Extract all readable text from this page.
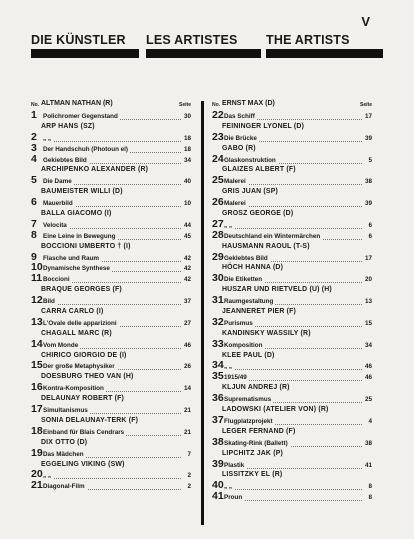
V
DIE KÜNSTLER LES ARTISTES THE ARTISTS
No. ALTMAN NATHAN (R)	Seite
1 Polichromer Gegenstand	30
ARP HANS (SZ)
2 „ „	18
3 Der Handschuh (Photoun el)	18
4 Gekiebtes Bild	34
ARCHIPENKO ALEXANDER (R)
5 Die Dame	40
BAUMEISTER WILLI (D)
6 Mauerbild	10
BALLA GIACOMO (I)
7 Velocita	44
8 Eine Leine in Bewegung	45
BOCCIONI UMBERTO † (I)
9 Flasche und Raum	42
10 Dynamische Synthese	42
11 Boccioni	42
BRAQUE GEORGES (F)
12 Bild	37
CARRA CARLO (I)
13 L'Ovale delle apparizioni	27
CHAGALL MARC (R)
14 Vom Monde	46
CHIRICO GIORGIO DE (I)
15 Der große Metaphysiker	26
DOESBURG THEO VAN (H)
16 Kontra-Komposition	14
DELAUNAY ROBERT (F)
17 Simultanismus	21
SONIA DELAUNAY-TERK (F)
18 Einband für Blais Cendrars	21
DIX OTTO (D)
19 Das Mädchen	7
EGGELING VIKING (SW)
20 „ „	2
21 Diagonal-Film	2
No. ERNST MAX (D)	Seite
22 Das Schiff	17
FEININGER LYONEL (D)
23 Die Brücke	39
GABO (R)
24 Glaskonstruktion	5
GLAIZES ALBERT (F)
25 Malerei	38
GRIS JUAN (SP)
26 Malerei	39
GROSZ GEORGE (D)
27 „ „	6
28 Deutschland ein Wintermärchen	6
HAUSMANN RAOUL (T-S)
29 Geklebtes Bild	17
HÖCH HANNA (D)
30 Die Etiketten	20
HUSZAR UND RIETVELD (U) (H)
31 Raumgestaltung	13
JEANNERET PIER (F)
32 Purismus	15
KANDINSKY WASSILY (R)
33 Komposition	34
KLEE PAUL (D)
34 „ „	46
35 1915/49	46
KLJUN ANDREJ (R)
36 Suprematismus	25
LADOWSKI (ATELIER VON) (R)
37 Flugplatzprojekt	4
LEGER FERNAND (F)
38 Skating-Rink (Ballett)	38
LIPCHITZ JAK (P)
39 Plastik	41
LISSITZKY EL (R)
40 „ „	8
41 Proun	8
